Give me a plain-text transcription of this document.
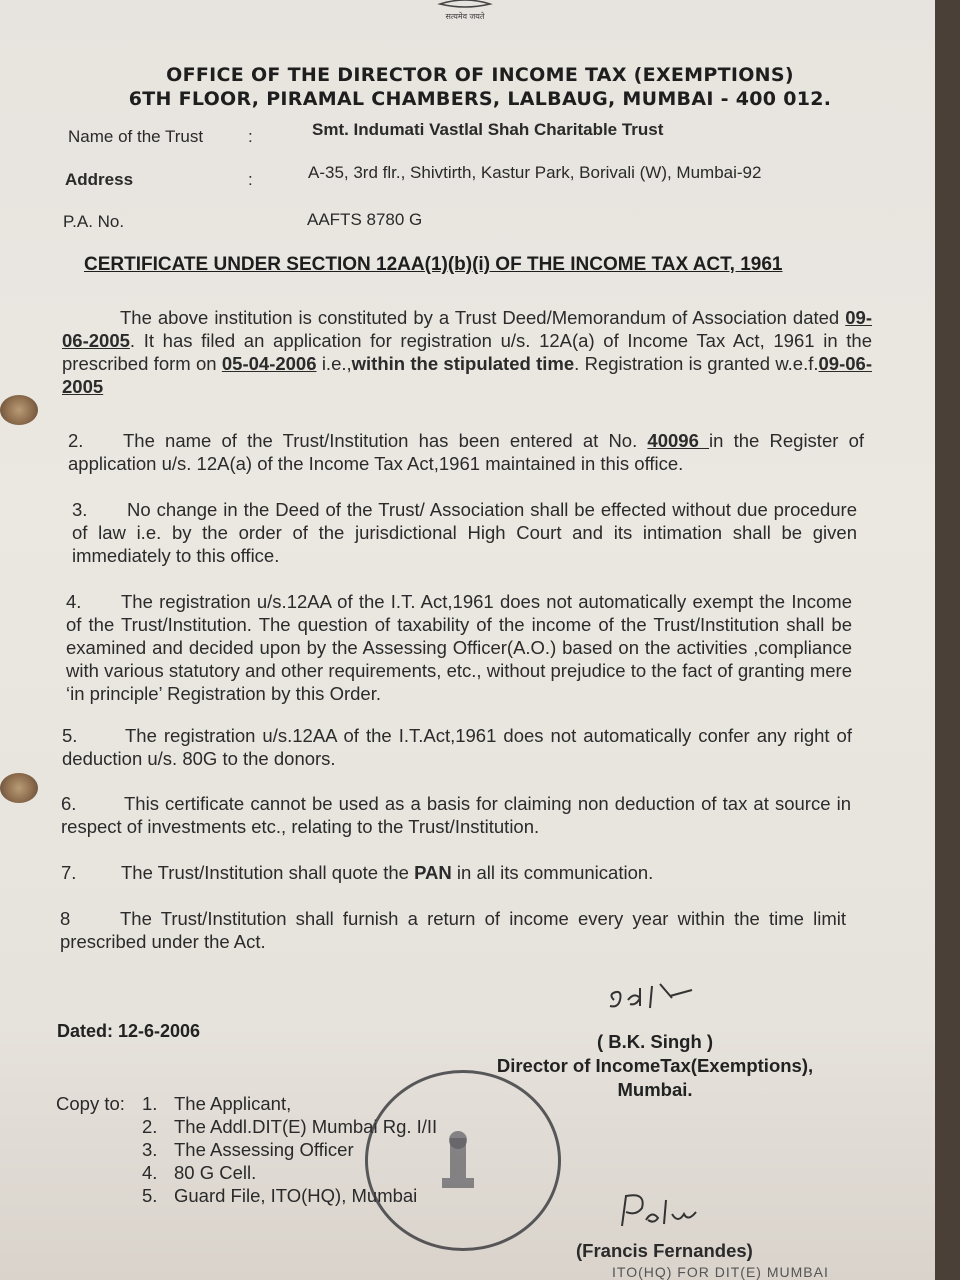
सत्यमेव जयते
OFFICE OF THE DIRECTOR OF INCOME TAX (EXEMPTIONS)
6TH FLOOR, PIRAMAL CHAMBERS, LALBAUG, MUMBAI - 400 012.
Name of the Trust	:	Smt. Indumati Vastlal Shah Charitable Trust
Address	:	A-35, 3rd flr., Shivtirth, Kastur Park, Borivali (W), Mumbai-92
P.A. No.	AAFTS 8780 G
CERTIFICATE UNDER SECTION 12AA(1)(b)(i) OF THE INCOME TAX ACT, 1961
The above institution is constituted by a Trust Deed/Memorandum of Association dated 09-06-2005. It has filed an application for registration u/s. 12A(a) of Income Tax Act, 1961 in the prescribed form on 05-04-2006 i.e.,within the stipulated time. Registration is granted w.e.f.09-06-2005
2. The name of the Trust/Institution has been entered at No. 40096 in the Register of application u/s. 12A(a) of the Income Tax Act,1961 maintained in this office.
3. No change in the Deed of the Trust/ Association shall be effected without due procedure of law i.e. by the order of the jurisdictional High Court and its intimation shall be given immediately to this office.
4. The registration u/s.12AA of the I.T. Act,1961 does not automatically exempt the Income of the Trust/Institution. The question of taxability of the income of the Trust/Institution shall be examined and decided upon by the Assessing Officer(A.O.) based on the activities ,compliance with various statutory and other requirements, etc., without prejudice to the fact of granting mere ‘in principle’ Registration by this Order.
5.	The registration u/s.12AA of the I.T.Act,1961 does not automatically confer any right of deduction u/s. 80G to the donors.
6.	This certificate cannot be used as a basis for claiming non deduction of tax at source in respect of investments etc., relating to the Trust/Institution.
7. The Trust/Institution shall quote the PAN in all its communication.
8	The Trust/Institution shall furnish a return of income every year within the time limit prescribed under the Act.
Dated: 12-6-2006	( B.K. Singh )
Director of IncomeTax(Exemptions),
Mumbai.
Copy to: 1. The Applicant,
2. The Addl.DIT(E) Mumbai Rg. I/II
3. The Assessing Officer
4. 80 G Cell.
5. Guard File, ITO(HQ), Mumbai
(Francis Fernandes)
ITO(HQ) FOR DIT(E) MUMBAI
